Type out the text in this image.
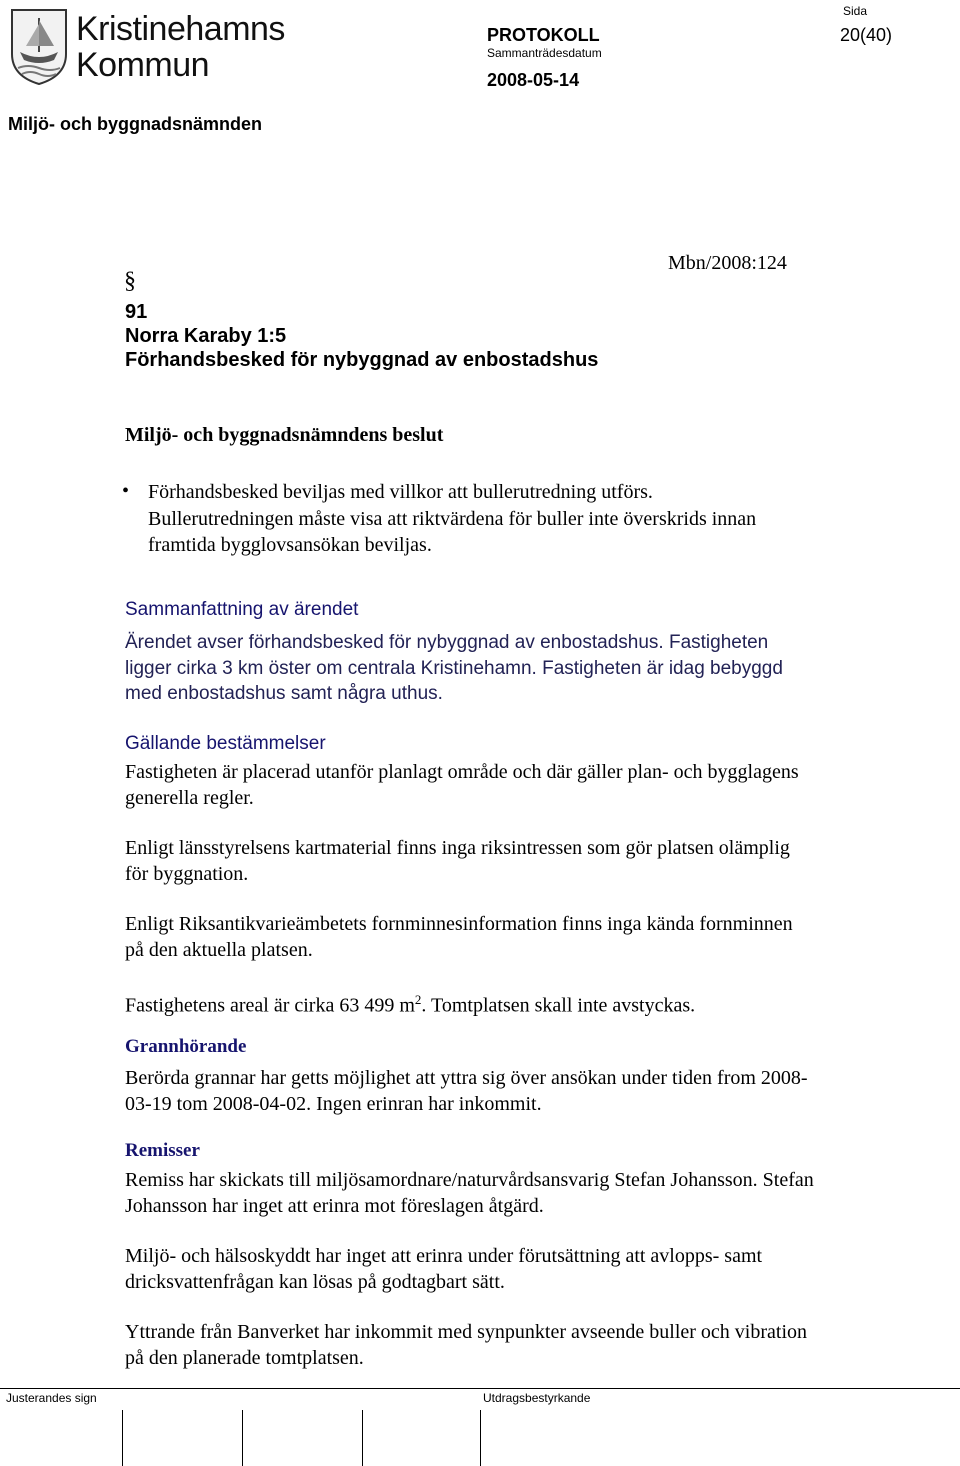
Kristinehamns
Kommun
Sida
20(40)
PROTOKOLL
Sammanträdesdatum
2008-05-14
Miljö- och byggnadsnämnden
Mbn/2008:124
§
91
Norra Karaby 1:5
Förhandsbesked för nybyggnad av enbostadshus
Miljö- och byggnadsnämndens beslut
• Förhandsbesked beviljas med villkor att bullerutredning utförs. Bullerutredningen måste visa att riktvärdena för buller inte överskrids innan framtida bygglovsansökan beviljas.
Sammanfattning av ärendet
Ärendet avser förhandsbesked för nybyggnad av enbostadshus. Fastigheten ligger cirka 3 km öster om centrala Kristinehamn. Fastigheten är idag bebyggd med enbostadshus samt några uthus.
Gällande bestämmelser
Fastigheten är placerad utanför planlagt område och där gäller plan- och bygglagens generella regler.
Enligt länsstyrelsens kartmaterial finns inga riksintressen som gör platsen olämplig för byggnation.
Enligt Riksantikvarieämbetets fornminnesinformation finns inga kända fornminnen på den aktuella platsen.
Fastighetens areal är cirka 63 499 $m^2$. Tomtplatsen skall inte avstyckas.
Grannhörande
Berörda grannar har getts möjlighet att yttra sig över ansökan under tiden from 2008-03-19 tom 2008-04-02. Ingen erinran har inkommit.
Remisser
Remiss har skickats till miljösamordnare/naturvårdsansvarig Stefan Johansson. Stefan Johansson har inget att erinra mot föreslagen åtgärd.
Miljö- och hälsoskyddt har inget att erinra under förutsättning att avlopps- samt dricksvattenfrågan kan lösas på godtagbart sätt.
Yttrande från Banverket har inkommit med synpunkter avseende buller och vibration på den planerade tomtplatsen.
Justerandes sign	Utdragsbestyrkande
